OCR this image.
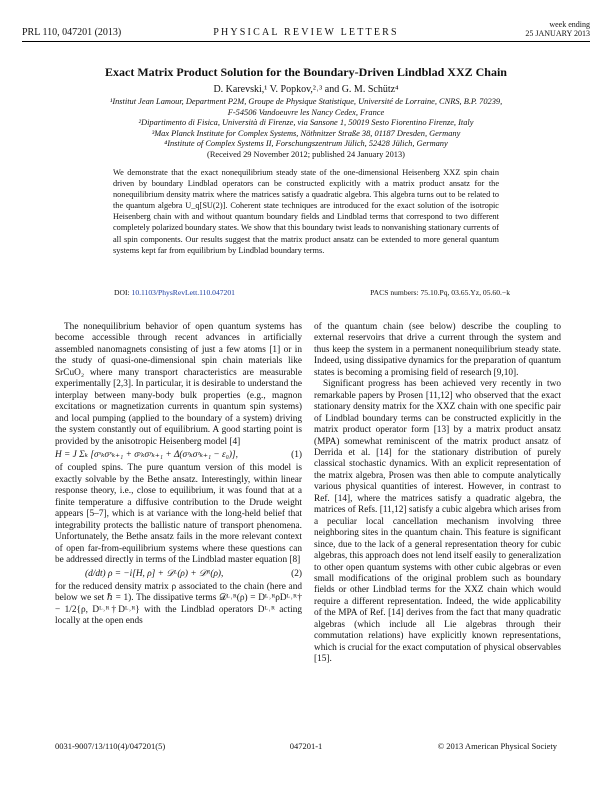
PRL 110, 047201 (2013)	PHYSICAL REVIEW LETTERS
week ending
25 JANUARY 2013
Exact Matrix Product Solution for the Boundary-Driven Lindblad XXZ Chain
D. Karevski,¹ V. Popkov,²˒³ and G. M. Schütz⁴
¹Institut Jean Lamour, Department P2M, Groupe de Physique Statistique, Université de Lorraine, CNRS, B.P. 70239,
F-54506 Vandoeuvre les Nancy Cedex, France
²Dipartimento di Fisica, Università di Firenze, via Sansone 1, 50019 Sesto Fiorentino Firenze, Italy
³Max Planck Institute for Complex Systems, Nöthnitzer Straße 38, 01187 Dresden, Germany
⁴Institute of Complex Systems II, Forschungszentrum Jülich, 52428 Jülich, Germany
(Received 29 November 2012; published 24 January 2013)
We demonstrate that the exact nonequilibrium steady state of the one-dimensional Heisenberg XXZ spin chain driven by boundary Lindblad operators can be constructed explicitly with a matrix product ansatz for the nonequilibrium density matrix where the matrices satisfy a quadratic algebra. This algebra turns out to be related to the quantum algebra U_q[SU(2)]. Coherent state techniques are introduced for the exact solution of the isotropic Heisenberg chain with and without quantum boundary fields and Lindblad terms that correspond to two different completely polarized boundary states. We show that this boundary twist leads to nonvanishing stationary currents of all spin components. Our results suggest that the matrix product ansatz can be extended to more general quantum systems kept far from equilibrium by Lindblad boundary terms.
DOI: 10.1103/PhysRevLett.110.047201	PACS numbers: 75.10.Pq, 03.65.Yz, 05.60.−k

The nonequilibrium behavior of open quantum systems has become accessible through recent advances in artificially assembled nanomagnets consisting of just a few atoms [1] or in the study of quasi-one-dimensional spin chain materials like SrCuO₂ where many transport characteristics are measurable experimentally [2,3]. In particular, it is desirable to understand the interplay between many-body bulk properties (e.g., magnon excitations or magnetization currents in quantum spin systems) and local pumping (applied to the boundary of a system) driving the system constantly out of equilibrium. A good starting point is provided by the anisotropic Heisenberg model [4]

H = J Σₖ [σˣₖσˣₖ₊₁ + σʸₖσʸₖ₊₁ + Δ(σᶻₖσᶻₖ₊₁ − ε₀)],	(1)

of coupled spins. The pure quantum version of this model is exactly solvable by the Bethe ansatz. Interestingly, within linear response theory, i.e., close to equilibrium, it was found that at a finite temperature a diffusive contribution to the Drude weight appears [5–7], which is at variance with the long-held belief that integrability protects the ballistic nature of transport phenomena. Unfortunately, the Bethe ansatz fails in the more relevant context of open far-from-equilibrium systems where these questions can be addressed directly in terms of the Lindblad master equation [8]

(d/dt) ρ = −i[H, ρ] + 𝒟ᴸ(ρ) + 𝒟ᴿ(ρ),	(2)

for the reduced density matrix ρ associated to the chain (here and below we set ℏ = 1). The dissipative terms 𝒟ᴸ˒ᴿ(ρ) = Dᴸ˒ᴿρDᴸ˒ᴿ† − 1/2{ρ, Dᴸ˒ᴿ†Dᴸ˒ᴿ} with the Lindblad operators Dᴸ˒ᴿ acting locally at the open ends

of the quantum chain (see below) describe the coupling to external reservoirs that drive a current through the system and thus keep the system in a permanent nonequilibrium steady state. Indeed, using dissipative dynamics for the preparation of quantum states is becoming a promising field of research [9,10].

Significant progress has been achieved very recently in two remarkable papers by Prosen [11,12] who observed that the exact stationary density matrix for the XXZ chain with one specific pair of Lindblad boundary terms can be constructed explicitly in the matrix product operator form [13] by a matrix product ansatz (MPA) somewhat reminiscent of the matrix product ansatz of Derrida et al. [14] for the stationary distribution of purely classical stochastic dynamics. With an explicit representation of the matrix algebra, Prosen was then able to compute analytically various physical quantities of interest. However, in contrast to Ref. [14], where the matrices satisfy a quadratic algebra, the matrices of Refs. [11,12] satisfy a cubic algebra which arises from a peculiar local cancellation mechanism involving three neighboring sites in the quantum chain. This feature is significant since, due to the lack of a general representation theory for cubic algebras, this approach does not lend itself easily to generalization to other open quantum systems with other cubic algebras or even small modifications of the original problem such as boundary fields or other Lindblad terms for the XXZ chain which would require a different representation. Indeed, the wide applicability of the MPA of Ref. [14] derives from the fact that many quadratic algebras (which include all Lie algebras through their commutation relations) have explicitly known representations, which is crucial for the exact computation of physical observables [15].

0031-9007/13/110(4)/047201(5)	047201-1	© 2013 American Physical Society
